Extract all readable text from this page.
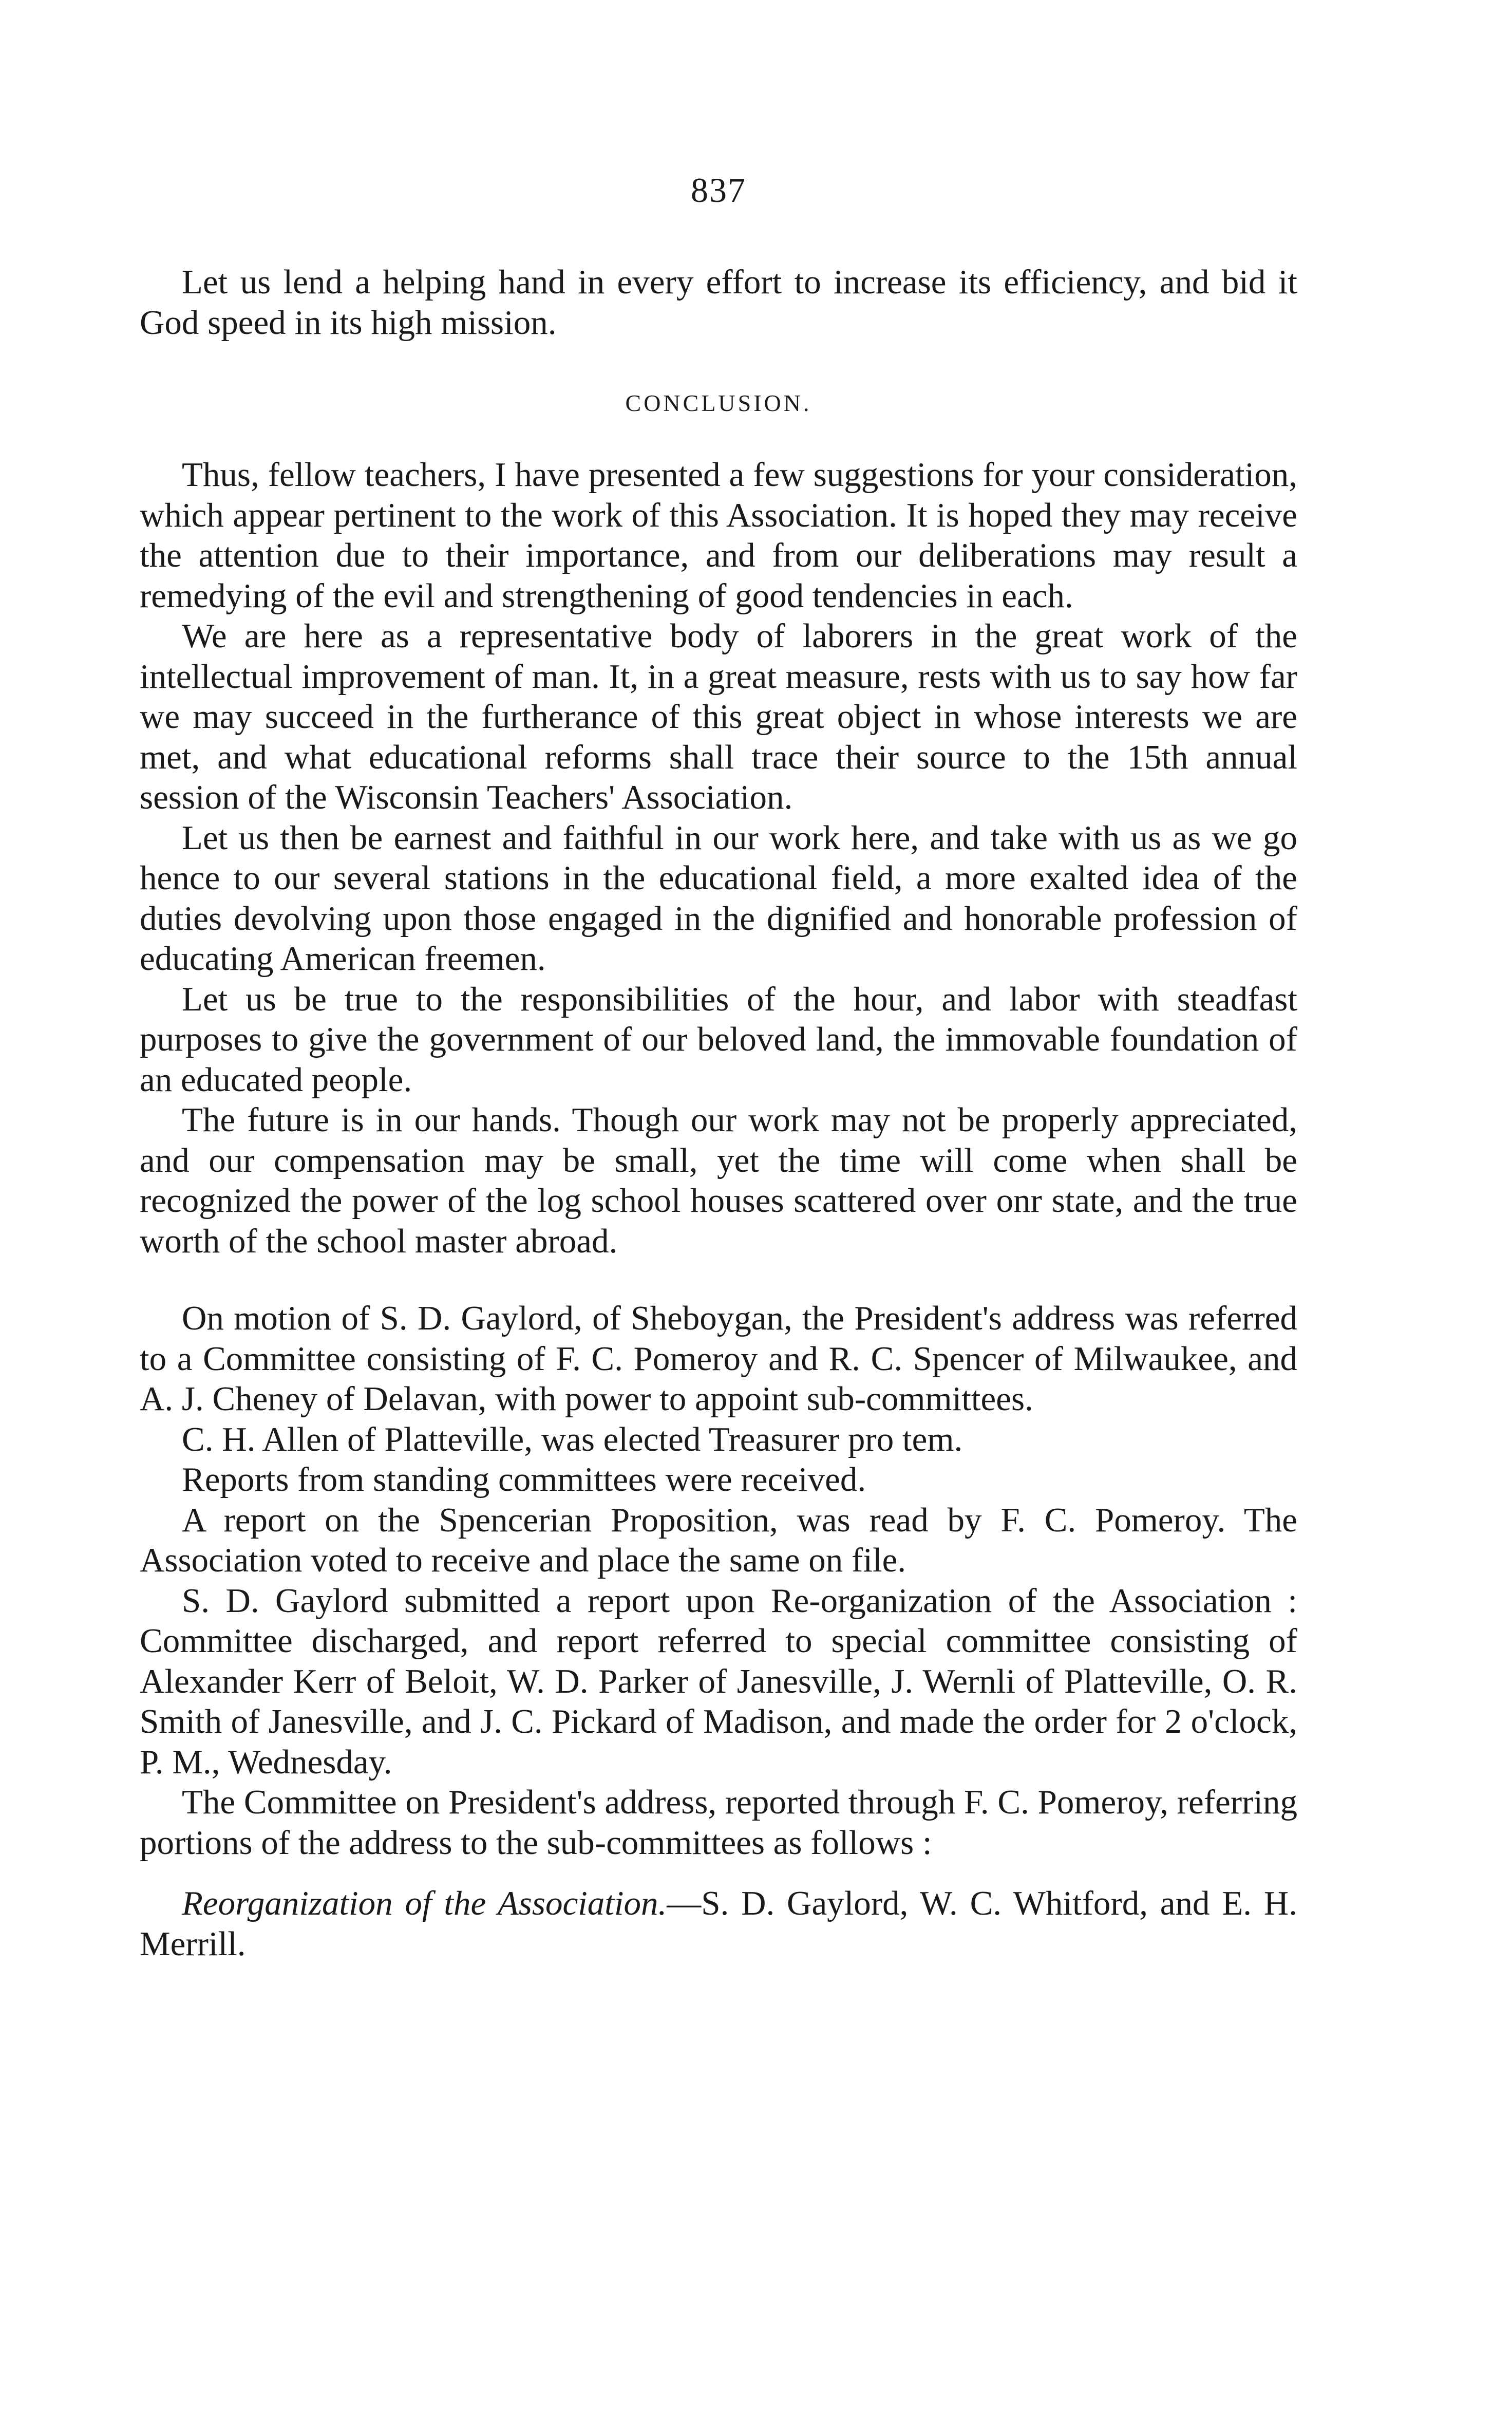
837

Let us lend a helping hand in every effort to increase its efficiency, and bid it God speed in its high mission.

CONCLUSION.

Thus, fellow teachers, I have presented a few suggestions for your consideration, which appear pertinent to the work of this Association. It is hoped they may receive the attention due to their importance, and from our deliberations may result a remedying of the evil and strengthening of good tendencies in each.

We are here as a representative body of laborers in the great work of the intellectual improvement of man. It, in a great measure, rests with us to say how far we may succeed in the furtherance of this great object in whose interests we are met, and what educational reforms shall trace their source to the 15th annual session of the Wisconsin Teachers' Association.

Let us then be earnest and faithful in our work here, and take with us as we go hence to our several stations in the educational field, a more exalted idea of the duties devolving upon those engaged in the dignified and honorable profession of educating American freemen.

Let us be true to the responsibilities of the hour, and labor with steadfast purposes to give the government of our beloved land, the immovable foundation of an educated people.

The future is in our hands. Though our work may not be properly appreciated, and our compensation may be small, yet the time will come when shall be recognized the power of the log school houses scattered over onr state, and the true worth of the school master abroad.

On motion of S. D. Gaylord, of Sheboygan, the President's address was referred to a Committee consisting of F. C. Pomeroy and R. C. Spencer of Milwaukee, and A. J. Cheney of Delavan, with power to appoint sub-committees.

C. H. Allen of Platteville, was elected Treasurer pro tem.

Reports from standing committees were received.

A report on the Spencerian Proposition, was read by F. C. Pomeroy. The Association voted to receive and place the same on file.

S. D. Gaylord submitted a report upon Re-organization of the Association : Committee discharged, and report referred to special committee consisting of Alexander Kerr of Beloit, W. D. Parker of Janesville, J. Wernli of Platteville, O. R. Smith of Janesville, and J. C. Pickard of Madison, and made the order for 2 o'clock, P. M., Wednesday.

The Committee on President's address, reported through F. C. Pomeroy, referring portions of the address to the sub-committees as follows :

Reorganization of the Association.—S. D. Gaylord, W. C. Whitford, and E. H. Merrill.
